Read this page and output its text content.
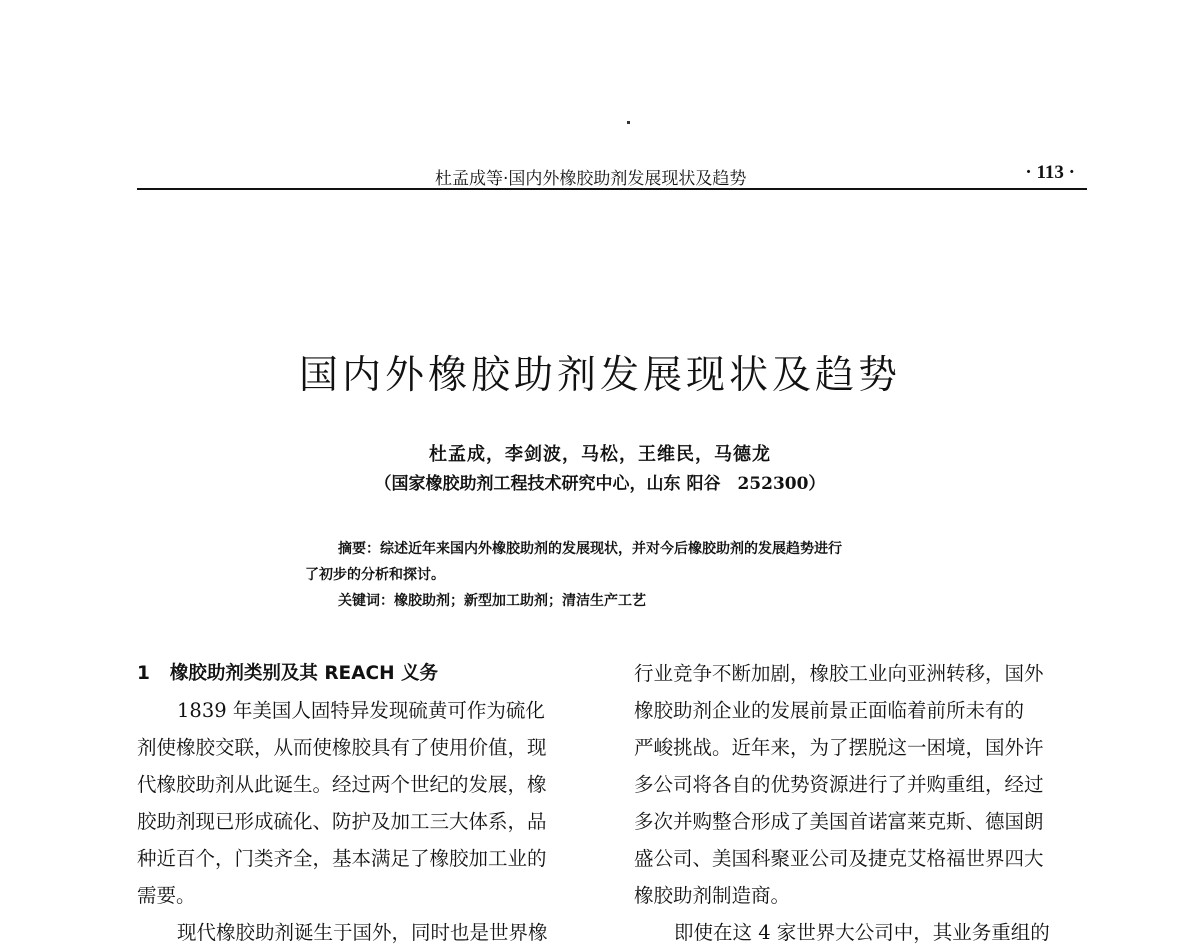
杜孟成等·国内外橡胶助剂发展现状及趋势	· 113 ·
国内外橡胶助剂发展现状及趋势
杜孟成，李剑波，马松，王维民，马德龙
（国家橡胶助剂工程技术研究中心，山东 阳谷　252300）
摘要：综述近年来国内外橡胶助剂的发展现状，并对今后橡胶助剂的发展趋势进行
了初步的分析和探讨。
关键词：橡胶助剂；新型加工助剂；清洁生产工艺
1 橡胶助剂类别及其 REACH 义务
1839 年美国人固特异发现硫黄可作为硫化
剂使橡胶交联，从而使橡胶具有了使用价值，现
代橡胶助剂从此诞生。经过两个世纪的发展，橡
胶助剂现已形成硫化、防护及加工三大体系，品
种近百个，门类齐全，基本满足了橡胶加工业的
需要。
现代橡胶助剂诞生于国外，同时也是世界橡
行业竞争不断加剧，橡胶工业向亚洲转移，国外
橡胶助剂企业的发展前景正面临着前所未有的
严峻挑战。近年来，为了摆脱这一困境，国外许
多公司将各自的优势资源进行了并购重组，经过
多次并购整合形成了美国首诺富莱克斯、德国朗
盛公司、美国科聚亚公司及捷克艾格福世界四大
橡胶助剂制造商。
即使在这 4 家世界大公司中，其业务重组的
